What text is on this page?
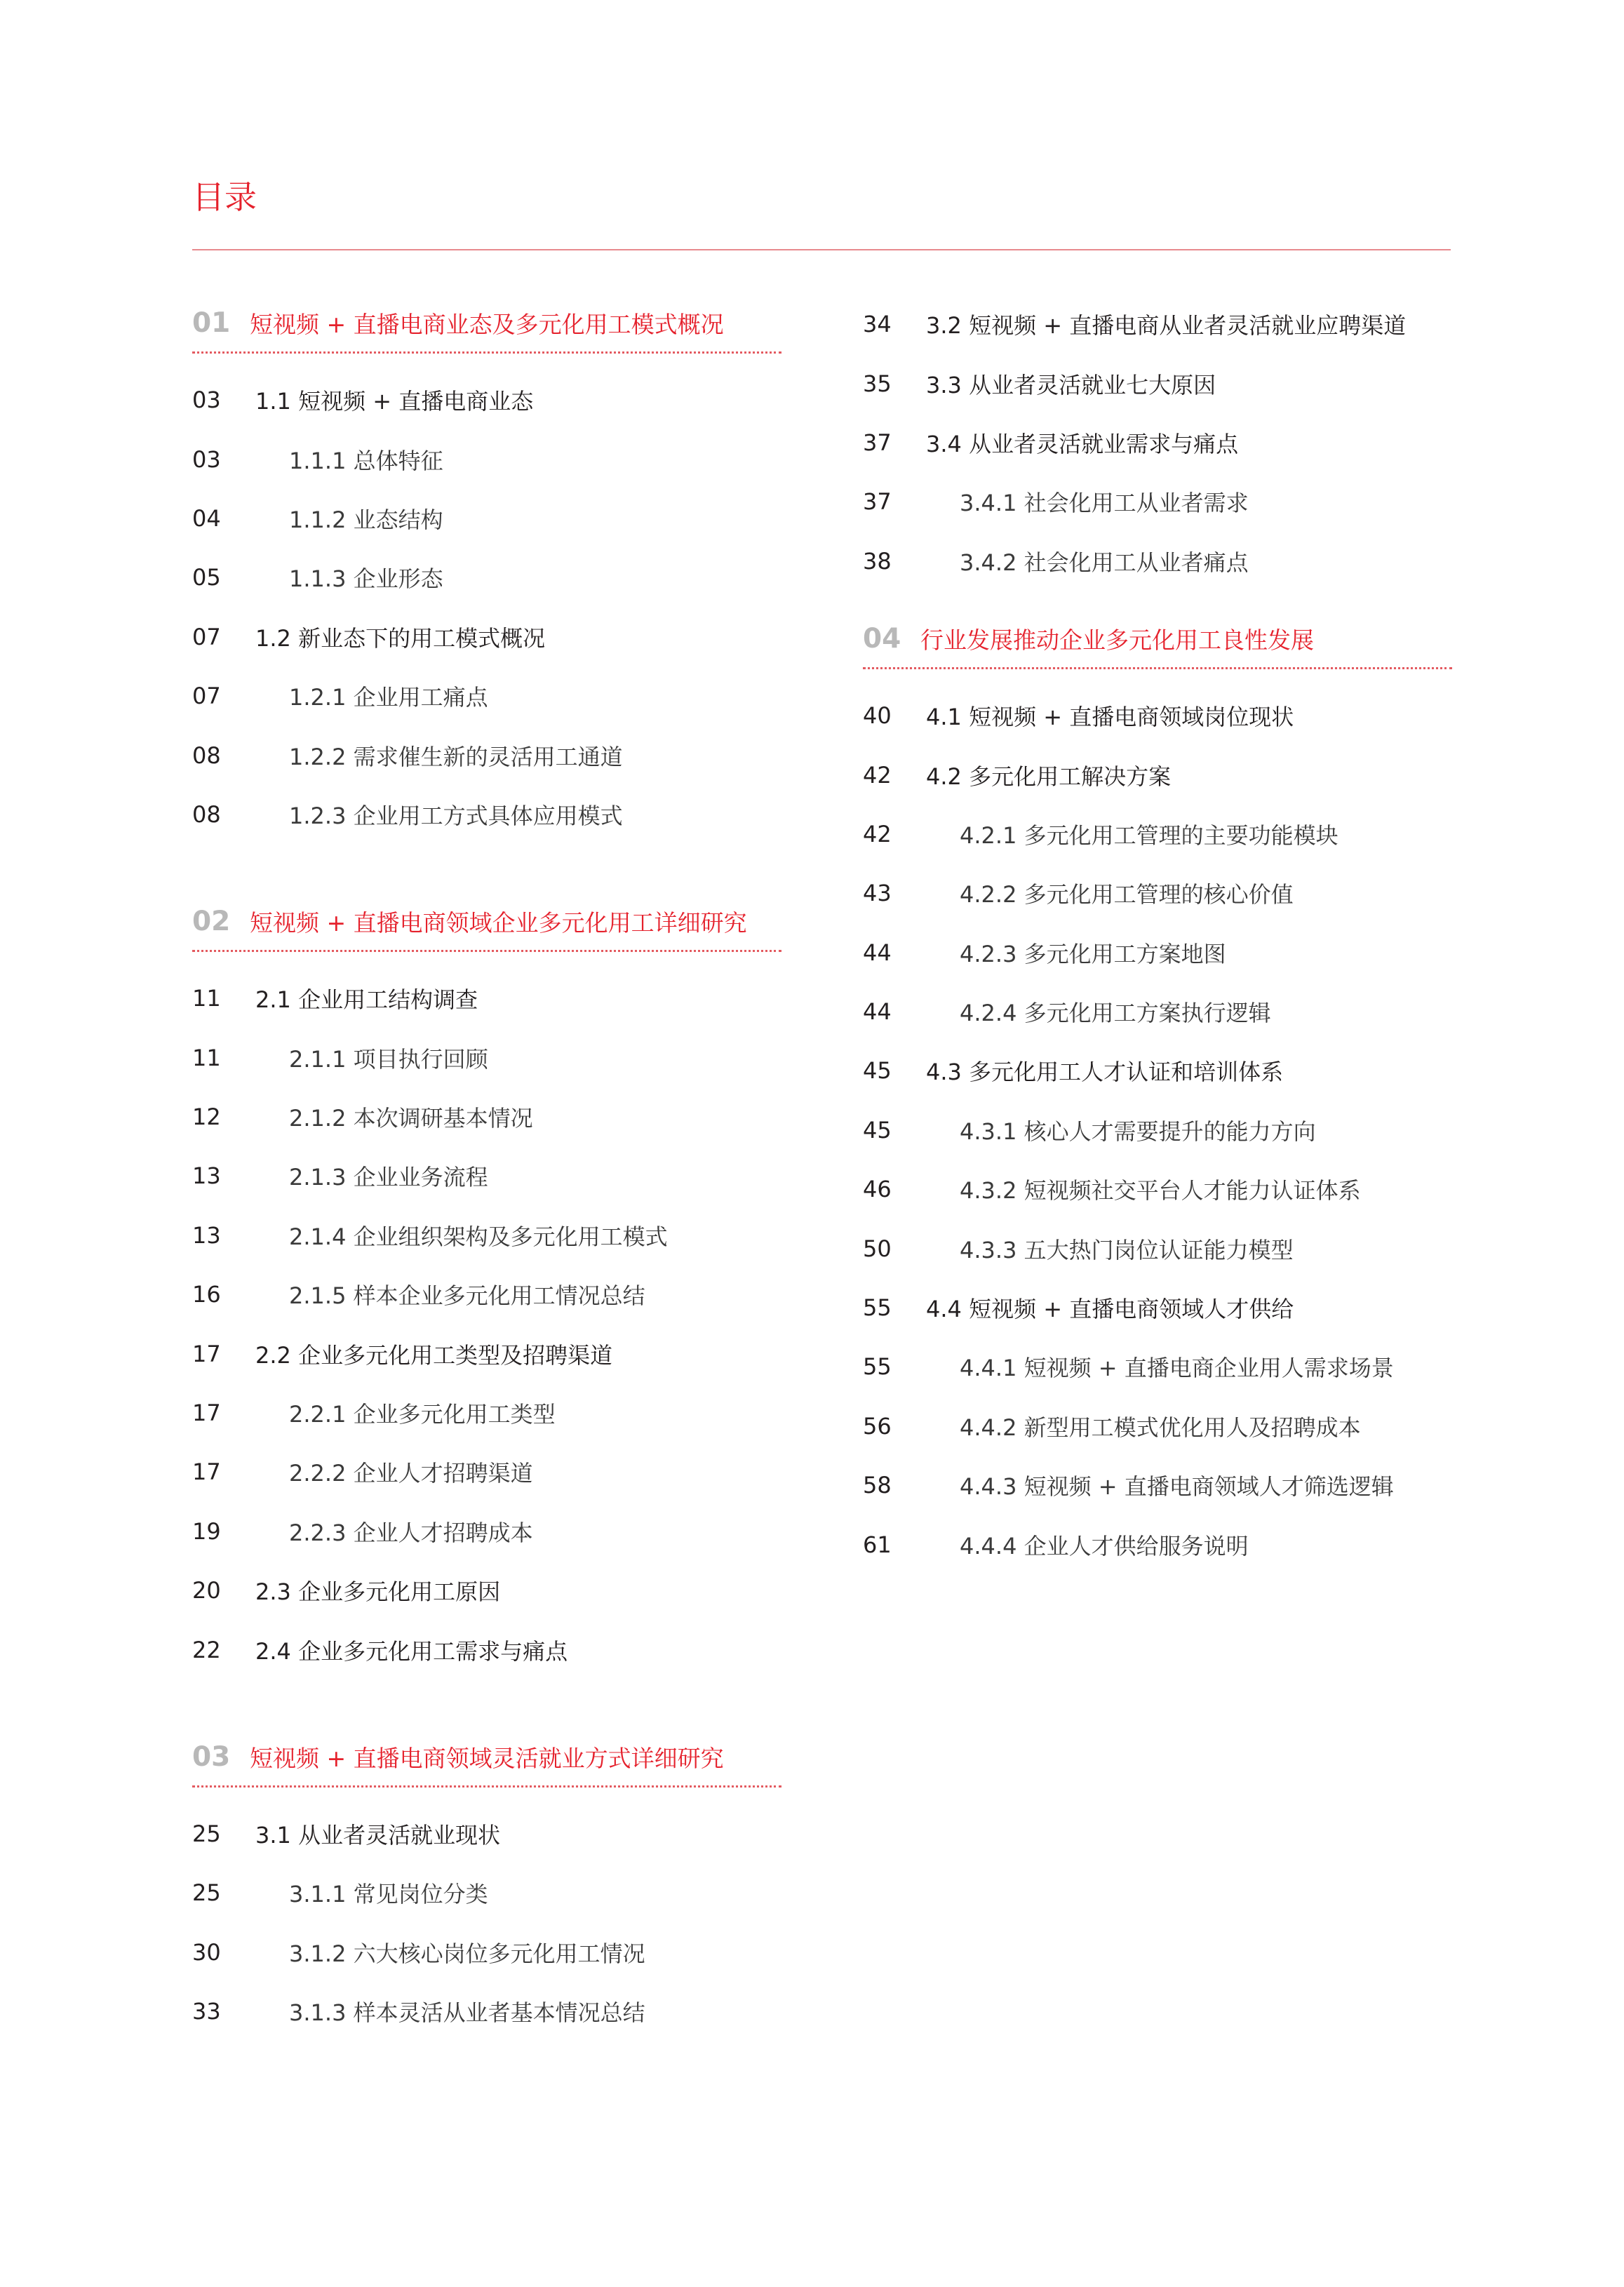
目录
01 短视频 + 直播电商业态及多元化用工模式概况
03	1.1 短视频 + 直播电商业态
03	1.1.1 总体特征
04	1.1.2 业态结构
05	1.1.3 企业形态
07	1.2 新业态下的用工模式概况
07	1.2.1 企业用工痛点
08	1.2.2 需求催生新的灵活用工通道
08	1.2.3 企业用工方式具体应用模式
02 短视频 + 直播电商领域企业多元化用工详细研究
11	2.1 企业用工结构调查
11	2.1.1 项目执行回顾
12	2.1.2 本次调研基本情况
13	2.1.3 企业业务流程
13	2.1.4 企业组织架构及多元化用工模式
16	2.1.5 样本企业多元化用工情况总结
17	2.2 企业多元化用工类型及招聘渠道
17	2.2.1 企业多元化用工类型
17	2.2.2 企业人才招聘渠道
19	2.2.3 企业人才招聘成本
20	2.3 企业多元化用工原因
22	2.4 企业多元化用工需求与痛点
03 短视频 + 直播电商领域灵活就业方式详细研究
25	3.1 从业者灵活就业现状
25	3.1.1 常见岗位分类
30	3.1.2 六大核心岗位多元化用工情况
33	3.1.3 样本灵活从业者基本情况总结
34	3.2 短视频 + 直播电商从业者灵活就业应聘渠道
35	3.3 从业者灵活就业七大原因
37	3.4 从业者灵活就业需求与痛点
37	3.4.1 社会化用工从业者需求
38	3.4.2 社会化用工从业者痛点
04 行业发展推动企业多元化用工良性发展
40	4.1 短视频 + 直播电商领域岗位现状
42	4.2 多元化用工解决方案
42	4.2.1 多元化用工管理的主要功能模块
43	4.2.2 多元化用工管理的核心价值
44	4.2.3 多元化用工方案地图
44	4.2.4 多元化用工方案执行逻辑
45	4.3 多元化用工人才认证和培训体系
45	4.3.1 核心人才需要提升的能力方向
46	4.3.2 短视频社交平台人才能力认证体系
50	4.3.3 五大热门岗位认证能力模型
55	4.4 短视频 + 直播电商领域人才供给
55	4.4.1 短视频 + 直播电商企业用人需求场景
56	4.4.2 新型用工模式优化用人及招聘成本
58	4.4.3 短视频 + 直播电商领域人才筛选逻辑
61	4.4.4 企业人才供给服务说明
